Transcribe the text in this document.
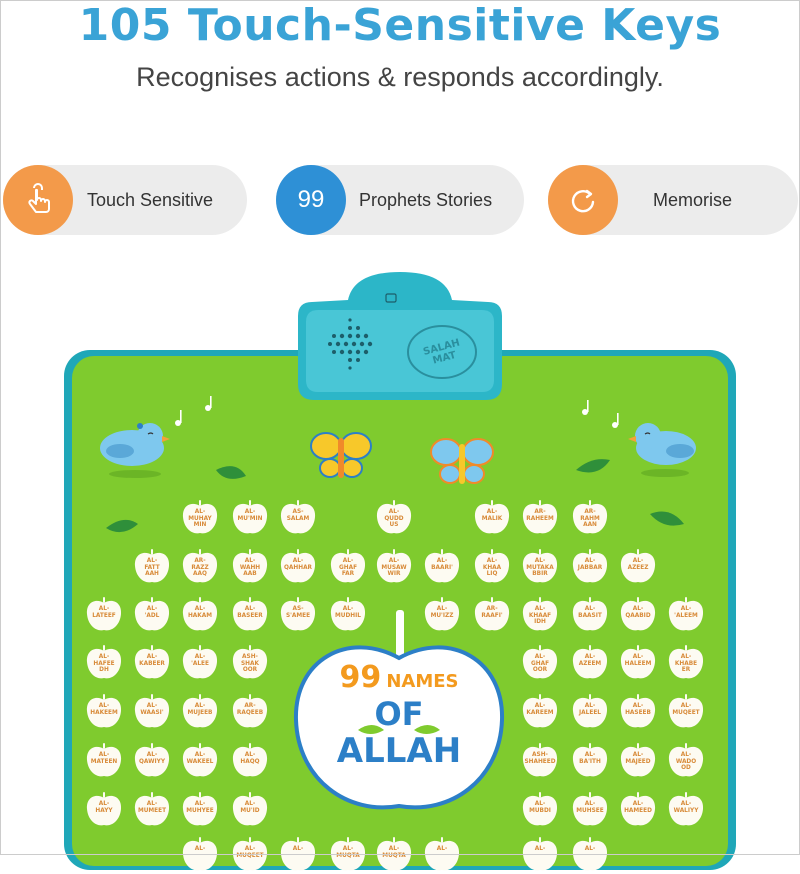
105 Touch-Sensitive Keys
Recognises actions & responds accordingly.
Touch Sensitive	99 Prophets Stories	Memorise
SALAH MAT
99 NAMES
OF
ALLAH
AL-
MUHAY
MIN
AL-
MU'MIN
AS-
SALAM
AL-
QUDD
US
AL-
MALIK
AR-
RAHEEM
AR-
RAHM
AAN
AL-
FATT
AAH
AR-
RAZZ
AAQ
AL-
WAHH
AAB
AL-
QAHHAR
AL-
GHAF
FAR
AL-
MUSAW
WIR
AL-
BAARI'
AL-
KHAA
LIQ
AL-
MUTAKA
BBIR
AL-
JABBAR
AL-
AZEEZ
AL-
LATEEF
AL-
'ADL
AL-
HAKAM
AL-
BASEER
AS-
S'AMEE
AL-
MUDHIL
AL-
MU'IZZ
AR-
RAAFI'
AL-
KHAAF
IDH
AL-
BAASIT
AL-
QAABID
AL-
'ALEEM
AL-
HAFEE
DH
AL-
KABEER
AL-
'ALEE
ASH-
SHAK
OOR
AL-
GHAF
OOR
AL-
AZEEM
AL-
HALEEM
AL-
KHABE
ER
AL-
HAKEEM
AL-
WAASI'
AL-
MUJEEB
AR-
RAQEEB
AL-
KAREEM
AL-
JALEEL
AL-
HASEEB
AL-
MUQEET
AL-
MATEEN
AL-
QAWIYY
AL-
WAKEEL
AL-
HAQQ
ASH-
SHAHEED
AL-
BA'ITH
AL-
MAJEED
AL-
WADO
OD
AL-
HAYY
AL-
MUMEET
AL-
MUHYEE
AL-
MU'ID
AL-
MUBDI
AL-
MUHSEE
AL-
HAMEED
AL-
WALIYY
AL-	AL-
MUQEET
AL-	AL-
MUQTA
AL-
MUQTA
AL-	AL-	AL-
